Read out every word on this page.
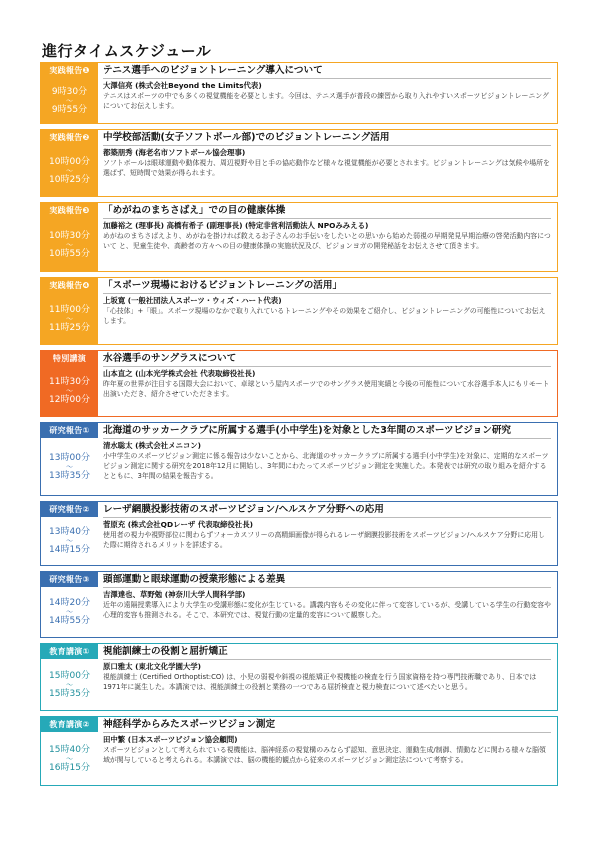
進行タイムスケジュール
実践報告❶
9時30分
〜
9時55分
テニス選手へのビジョントレーニング導入について
大澤信亮 (株式会社Beyond the Limits代表)
テニスはスポーツの中でも多くの視覚機能を必要とします。今回は、テニス選手が普段の練習から取り入れやすいスポーツビジョントレーニングについてお伝えします。
実践報告❷
10時00分
〜
10時25分
中学校部活動(女子ソフトボール部)でのビジョントレーニング活用
都築朋秀 (海老名市ソフトボール協会理事)
ソフトボールは眼球運動や動体視力、周辺視野や目と手の協応動作など様々な視覚機能が必要とされます。ビジョントレーニングは気候や場所を選ばず、短時間で効果が得られます。
実践報告❸
10時30分
〜
10時55分
「めがねのまちさばえ」での目の健康体操
加藤裕之 (理事長) 高橋有希子 (副理事長) (特定非営利活動法人 NPOみみえる)
めがねのまちさばえより、めがねを掛ければ救えるお子さんのお手伝いをしたいとの思いから始めた弱視の早期発見早期治療の啓発活動内容について と、児童生徒や、高齢者の方々への目の健康体操の実施状況及び、ビジョンヨガの開発秘話をお伝えさせて頂きます。
実践報告❹
11時00分
〜
11時25分
「スポーツ現場におけるビジョントレーニングの活用」
上坂寛 (一般社団法人スポーツ・ウィズ・ハート代表)
「心技体」+「眼」。スポーツ現場のなかで取り入れているトレーニングやその効果をご紹介し、ビジョントレーニングの可能性についてお伝えします。
特別講演
11時30分
〜
12時00分
水谷選手のサングラスについて
山本直之 (山本光学株式会社 代表取締役社長)
昨年夏の世界が注目する国際大会において、卓球という屋内スポーツでのサングラス使用実績と今後の可能性について水谷選手本人にもリモート出演いただき、紹介させていただきます。
研究報告①
13時00分
〜
13時35分
北海道のサッカークラブに所属する選手(小中学生)を対象とした3年間のスポーツビジョン研究
清水聡太 (株式会社メニコン)
小中学生のスポーツビジョン測定に係る報告は少ないことから、北海道のサッカークラブに所属する選手(小中学生)を対象に、定期的なスポーツビジョン測定に関する研究を2018年12月に開始し、3年間にわたってスポーツビジョン測定を実施した。本発表では研究の取り組みを紹介するとともに、3年間の結果を報告する。
研究報告②
13時40分
〜
14時15分
レーザ網膜投影技術のスポーツビジョン/ヘルスケア分野への応用
菅原充 (株式会社QDレーザ 代表取締役社長)
使用者の視力や視野部位に関わらずフォーカスフリーの高精細画像が得られるレーザ網膜投影技術をスポーツビジョン/ヘルスケア分野に応用した際に期待されるメリットを詳述する。
研究報告③
14時20分
〜
14時55分
頭部運動と眼球運動の授業形態による差異
吉澤達也、草野勉 (神奈川大学人間科学部)
近年の遠隔授業導入により大学生の受講形態に変化が生じている。講義内容もその変化に伴って変容しているが、受講している学生の行動変容や心理的変容も推測される。そこで、本研究では、視覚行動の定量的変容について観察した。
教育講演①
15時00分
〜
15時35分
視能訓練士の役割と屈折矯正
原口雅太 (東北文化学園大学)
視能訓練士 (Certified Orthoptist:CO) は、小児の弱視や斜視の視能矯正や視機能の検査を行う国家資格を持つ専門技術職であり、日本では1971年に誕生した。本講演では、視能訓練士の役割と業務の一つである屈折検査と視力検査について述べたいと思う。
教育講演②
15時40分
〜
16時15分
神経科学からみたスポーツビジョン測定
田中繁 (日本スポーツビジョン協会顧問)
スポーツビジョンとして考えられている視機能は、脳神経系の視覚構のみならず認知、意思決定、運動生成/制御、情動などに関わる様々な脳領域が関与していると考えられる。本講演では、脳の機能的観点から従来のスポーツビジョン測定法について考察する。
